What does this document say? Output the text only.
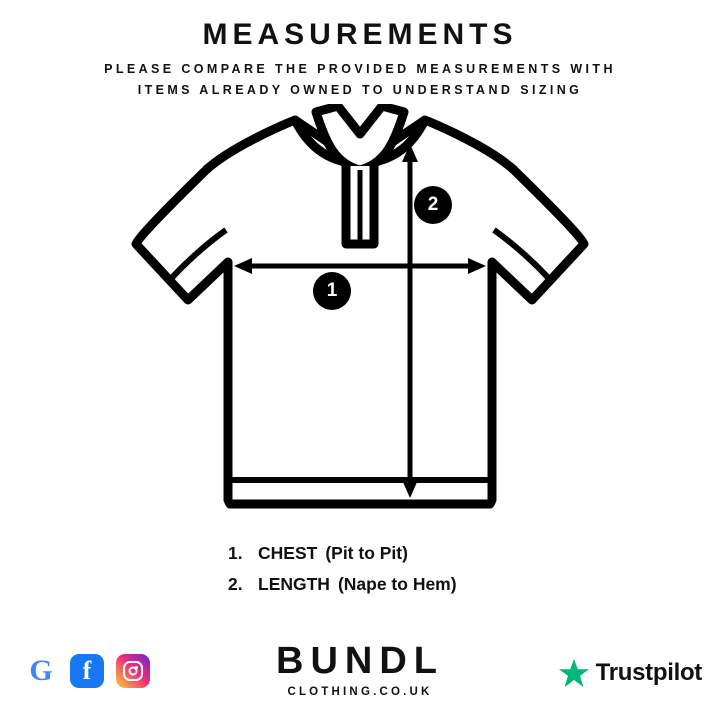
MEASUREMENTS
PLEASE COMPARE THE PROVIDED MEASUREMENTS WITH
ITEMS ALREADY OWNED TO UNDERSTAND SIZING
1
2
1. CHEST (Pit to Pit)
2. LENGTH (Nape to Hem)
G	f	BUNDL
CLOTHING.CO.UK
Trustpilot
